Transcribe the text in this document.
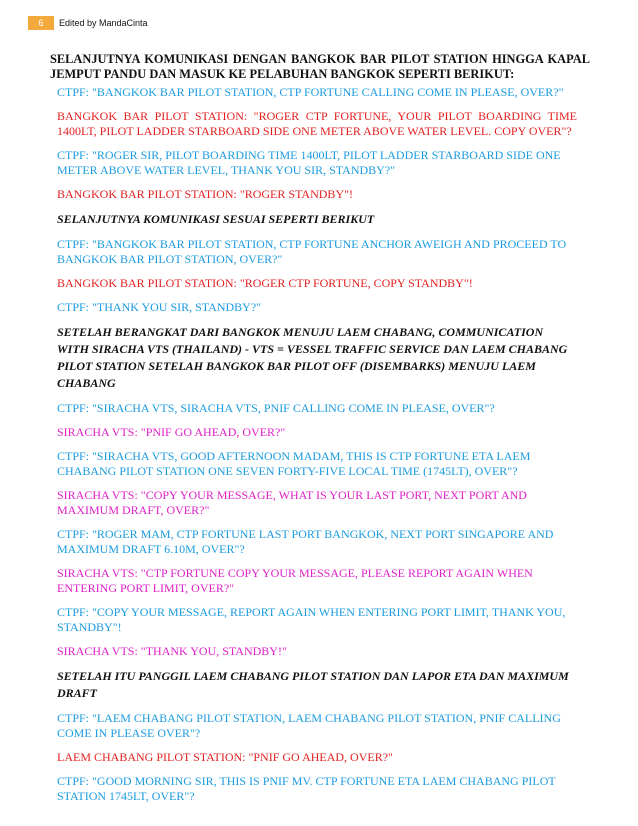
6	Edited by MandaCinta
SELANJUTNYA KOMUNIKASI DENGAN BANGKOK BAR PILOT STATION HINGGA KAPAL JEMPUT PANDU DAN MASUK KE PELABUHAN BANGKOK SEPERTI BERIKUT:

CTPF: "BANGKOK BAR PILOT STATION, CTP FORTUNE CALLING COME IN PLEASE, OVER?"

BANGKOK BAR PILOT STATION: "ROGER CTP FORTUNE, YOUR PILOT BOARDING TIME 1400LT, PILOT LADDER STARBOARD SIDE ONE METER ABOVE WATER LEVEL. COPY OVER"?

CTPF: "ROGER SIR, PILOT BOARDING TIME 1400LT, PILOT LADDER STARBOARD SIDE ONE METER ABOVE WATER LEVEL, THANK YOU SIR, STANDBY?"

BANGKOK BAR PILOT STATION: "ROGER STANDBY"!

SELANJUTNYA KOMUNIKASI SESUAI SEPERTI BERIKUT

CTPF: "BANGKOK BAR PILOT STATION, CTP FORTUNE ANCHOR AWEIGH AND PROCEED TO BANGKOK BAR PILOT STATION, OVER?"

BANGKOK BAR PILOT STATION: "ROGER CTP FORTUNE, COPY STANDBY"!

CTPF: "THANK YOU SIR, STANDBY?"

SETELAH BERANGKAT DARI BANGKOK MENUJU LAEM CHABANG, COMMUNICATION WITH SIRACHA VTS (THAILAND) - VTS = VESSEL TRAFFIC SERVICE DAN LAEM CHABANG PILOT STATION SETELAH BANGKOK BAR PILOT OFF (DISEMBARKS) MENUJU LAEM CHABANG

CTPF: "SIRACHA VTS, SIRACHA VTS, PNIF CALLING COME IN PLEASE, OVER"?

SIRACHA VTS: "PNIF GO AHEAD, OVER?"

CTPF: "SIRACHA VTS, GOOD AFTERNOON MADAM, THIS IS CTP FORTUNE ETA LAEM CHABANG PILOT STATION ONE SEVEN FORTY-FIVE LOCAL TIME (1745LT), OVER"?

SIRACHA VTS: "COPY YOUR MESSAGE, WHAT IS YOUR LAST PORT, NEXT PORT AND MAXIMUM DRAFT, OVER?"

CTPF: "ROGER MAM, CTP FORTUNE LAST PORT BANGKOK, NEXT PORT SINGAPORE AND MAXIMUM DRAFT 6.10M, OVER"?

SIRACHA VTS: "CTP FORTUNE COPY YOUR MESSAGE, PLEASE REPORT AGAIN WHEN ENTERING PORT LIMIT, OVER?"

CTPF: "COPY YOUR MESSAGE, REPORT AGAIN WHEN ENTERING PORT LIMIT, THANK YOU, STANDBY"!

SIRACHA VTS: "THANK YOU, STANDBY!"

SETELAH ITU PANGGIL LAEM CHABANG PILOT STATION DAN LAPOR ETA DAN MAXIMUM DRAFT

CTPF: "LAEM CHABANG PILOT STATION, LAEM CHABANG PILOT STATION, PNIF CALLING COME IN PLEASE OVER"?

LAEM CHABANG PILOT STATION: "PNIF GO AHEAD, OVER?"

CTPF: "GOOD MORNING SIR, THIS IS PNIF MV. CTP FORTUNE ETA LAEM CHABANG PILOT STATION 1745LT, OVER"?
